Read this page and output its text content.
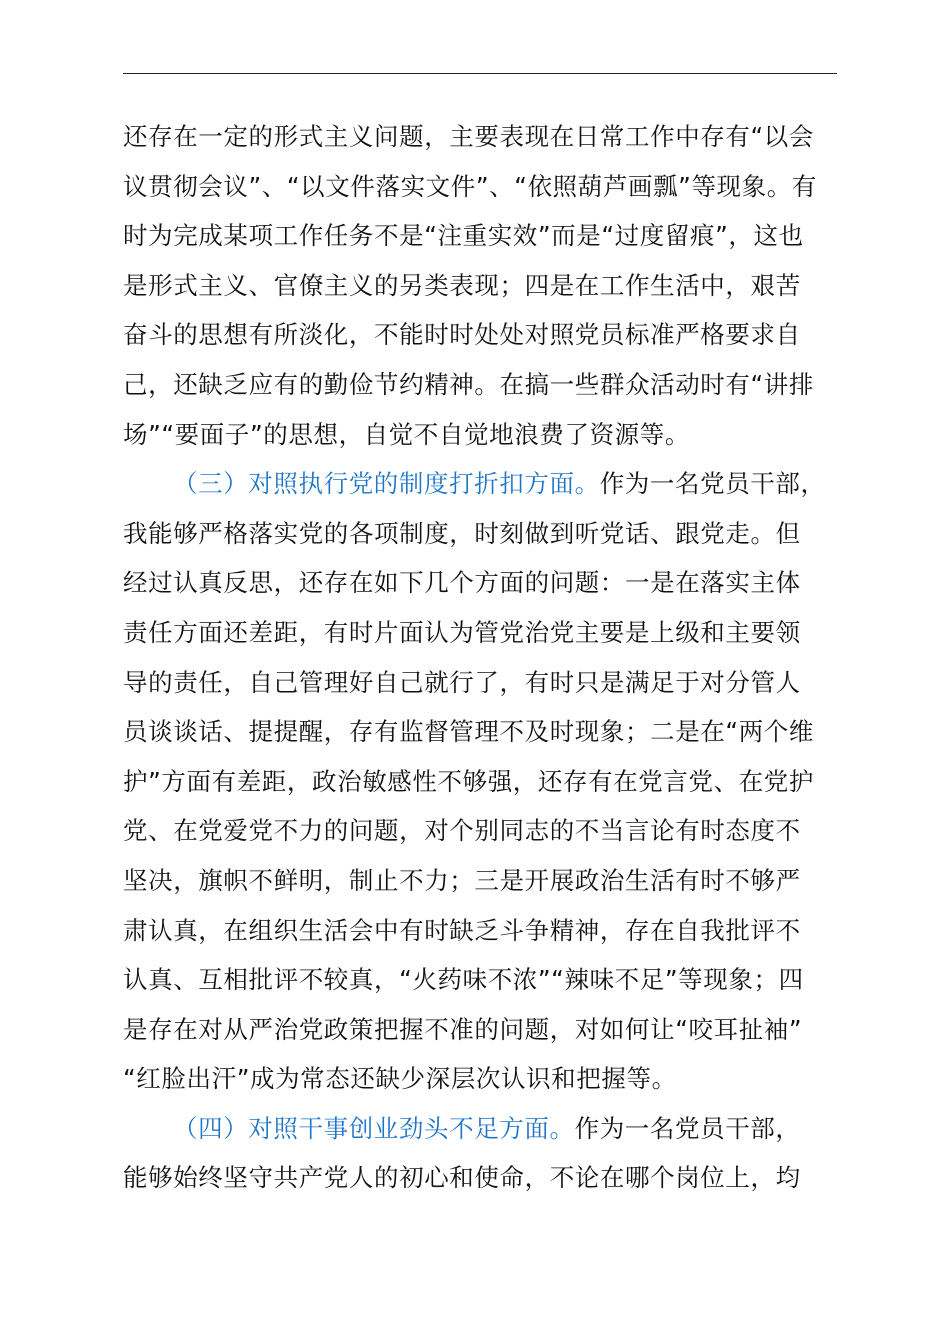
还存在一定的形式主义问题，主要表现在日常工作中存有“以会
议贯彻会议”、“以文件落实文件”、“依照葫芦画瓢”等现象。有
时为完成某项工作任务不是“注重实效”而是“过度留痕”，这也
是形式主义、官僚主义的另类表现；四是在工作生活中，艰苦
奋斗的思想有所淡化，不能时时处处对照党员标准严格要求自
己，还缺乏应有的勤俭节约精神。在搞一些群众活动时有“讲排
场”“要面子”的思想，自觉不自觉地浪费了资源等。
（三）对照执行党的制度打折扣方面。作为一名党员干部，
我能够严格落实党的各项制度，时刻做到听党话、跟党走。但
经过认真反思，还存在如下几个方面的问题：一是在落实主体
责任方面还差距，有时片面认为管党治党主要是上级和主要领
导的责任，自己管理好自己就行了，有时只是满足于对分管人
员谈谈话、提提醒，存有监督管理不及时现象；二是在“两个维
护”方面有差距，政治敏感性不够强，还存有在党言党、在党护
党、在党爱党不力的问题，对个别同志的不当言论有时态度不
坚决，旗帜不鲜明，制止不力；三是开展政治生活有时不够严
肃认真，在组织生活会中有时缺乏斗争精神，存在自我批评不
认真、互相批评不较真，“火药味不浓”“辣味不足”等现象；四
是存在对从严治党政策把握不准的问题，对如何让“咬耳扯袖”
“红脸出汗”成为常态还缺少深层次认识和把握等。
（四）对照干事创业劲头不足方面。作为一名党员干部，
能够始终坚守共产党人的初心和使命，不论在哪个岗位上，均
